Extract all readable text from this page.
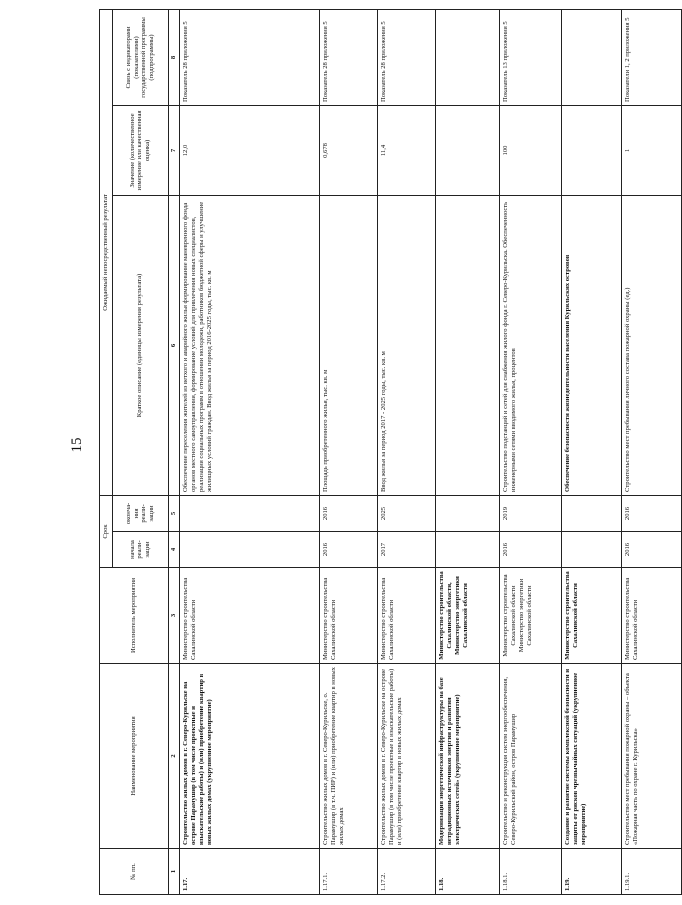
15
№ пп.	Наименование мероприятия	Исполнитель мероприятия	Срок		Ожидаемый непосредственный результат		
			начала реали-зации	оконча-ния реали-зации	Краткое описание (единицы измерения результата)	Значение (количественное измерение или качественная оценка)	Связь с индикаторами (показателями) государственной программы (подпрограммы)

1	2	3	4	5	6	7	8
1.17.	Строительство жилых домов в г. Северо-Курильске на острове Парамушир (в том числе проектные и изыскательские работы) и (или) приобретение квартир в новых жилых домах (укрупненное мероприятие)	Министерство строительства Сахалинской области			Обеспечение переселения жителей из ветхого и аварийного жилья формирование маневренного фонда органов местного самоуправления, формирование условий для привлечения новых специалистов, реализация социальных программ в отношении молодежи, работников бюджетной сферы и улучшение жилищных условий граждан. Ввод жилья за период 2016-2025 годы, тыс. кв. м	12,0	Показатель 28 приложения 5
1.17.1.	Строительство жилых домов в г. Северо-Курильске, о. Парамушир (в т.ч. ПИР) и (или) приобретение квартир в новых жилых домах	Министерство строительства Сахалинской области	2016	2016	Площадь приобретенного жилья, тыс. кв. м	0,678	Показатель 28 приложения 5
1.17.2.	Строительство жилых домов в г. Северо-Курильске на острове Парамушир (в том числе проектные и изыскательские работы) и (или) приобретение квартир в новых жилых домах	Министерство строительства Сахалинской области	2017	2025	Ввод жилья за период 2017 - 2025 годы, тыс. кв. м	11,4	Показатель 28 приложения 5
1.18.	Модернизация энергетической инфраструктуры на базе нетрадиционных источников энергии и развития электрических сетей» (укрупненное мероприятие)	Министерство строительства Сахалинской области, Министерство энергетики Сахалинской области					
1.18.1.	Строительство и реконструкция систем энергообеспечения, Северо-Курильский район, остров Парамушир	Министерство строительства Сахалинской области Министерство энергетики Сахалинской области	2016	2019	Строительство подстанций и сетей для снабжения жилого фонда г. Северо-Курильска. Обеспеченность инженерными сетями вводимого жилья, процентов	100	Показатель 13 приложения 5
1.19.	Создание и развитие системы комплексной безопасности и защиты от рисков чрезвычайных ситуаций (укрупненное мероприятие)	Министерство строительства Сахалинской области			Обеспечение безопасности жизнедеятельности населения Курильских островов		
1.19.1.	Строительство мест пребывания пожарной охраны – объекта «Пожарная часть по охране г. Курильска»	Министерство строительства Сахалинской области	2016	2016	Строительство мест пребывания личного состава пожарной охраны (ед.)	1	Показатели 1, 2 приложения 5
